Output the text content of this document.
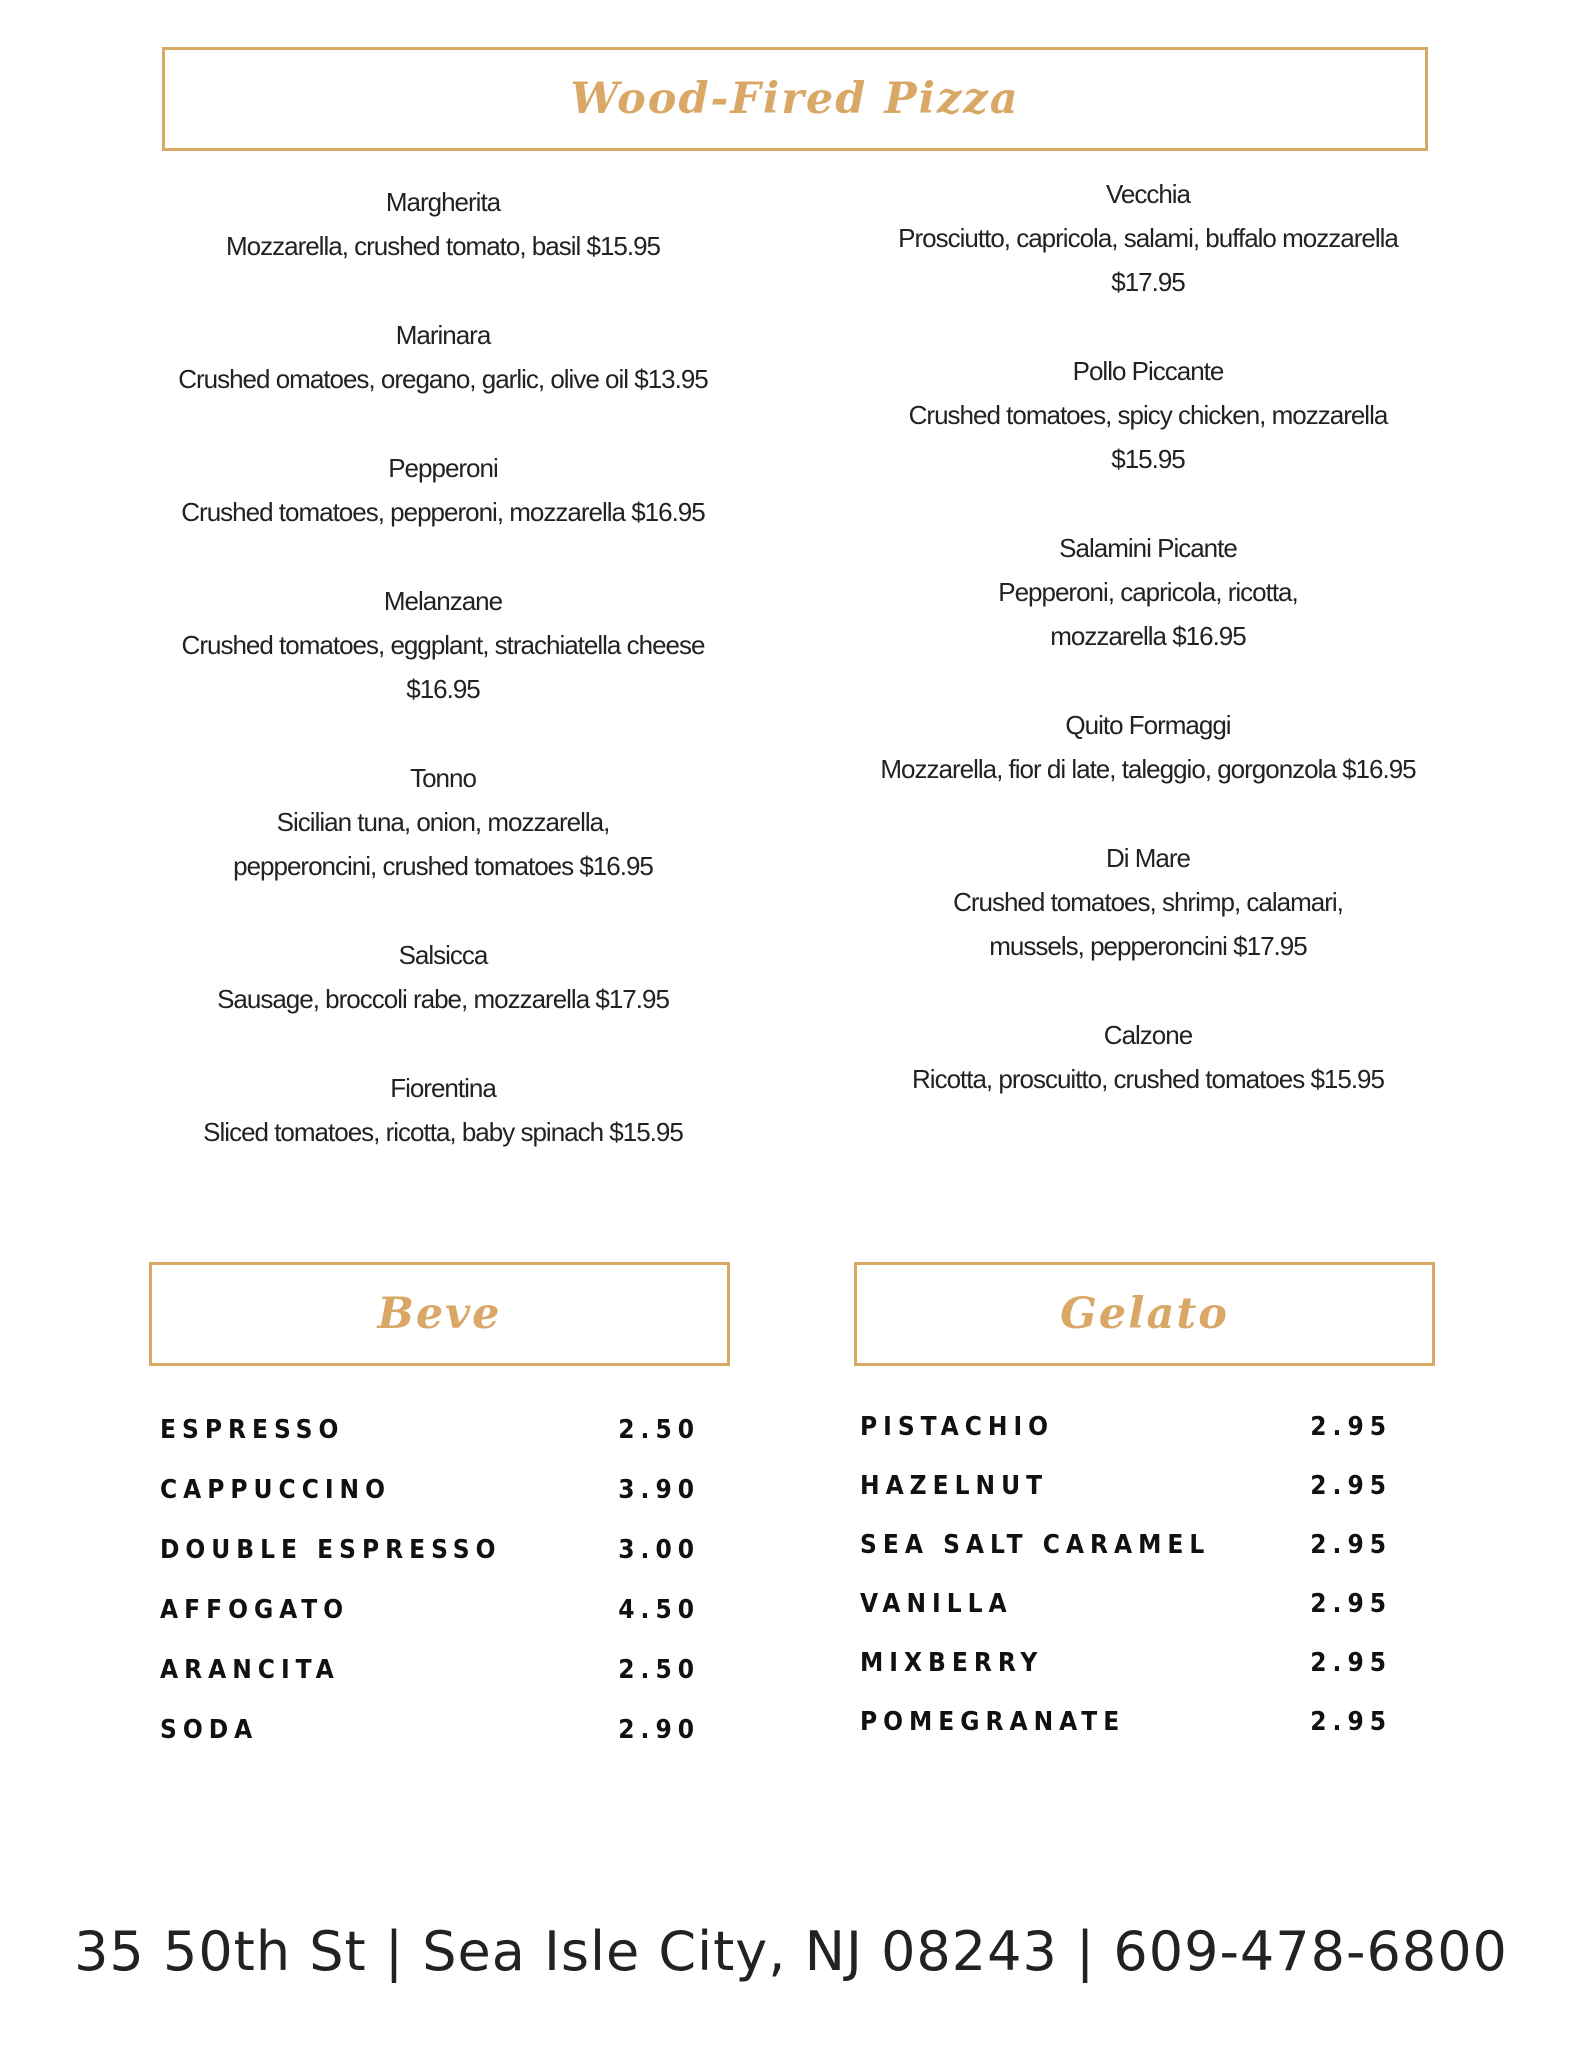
Wood-Fired Pizza
Margherita
Mozzarella, crushed tomato, basil $15.95
Marinara
Crushed omatoes, oregano, garlic, olive oil $13.95
Pepperoni
Crushed tomatoes, pepperoni, mozzarella $16.95
Melanzane
Crushed tomatoes, eggplant, strachiatella cheese $16.95
Tonno
Sicilian tuna, onion, mozzarella, pepperoncini, crushed tomatoes $16.95
Salsicca
Sausage, broccoli rabe, mozzarella $17.95
Fiorentina
Sliced tomatoes, ricotta, baby spinach $15.95
Vecchia
Prosciutto, capricola, salami, buffalo mozzarella $17.95
Pollo Piccante
Crushed tomatoes, spicy chicken, mozzarella $15.95
Salamini Picante
Pepperoni, capricola, ricotta, mozzarella $16.95
Quito Formaggi
Mozzarella, fior di late, taleggio, gorgonzola $16.95
Di Mare
Crushed tomatoes, shrimp, calamari, mussels, pepperoncini $17.95
Calzone
Ricotta, proscuitto, crushed tomatoes $15.95
Beve	Gelato
ESPRESSO	2.50
CAPPUCCINO	3.90
DOUBLE ESPRESSO	3.00
AFFOGATO	4.50
ARANCITA	2.50
SODA	2.90
PISTACHIO	2.95
HAZELNUT	2.95
SEA SALT CARAMEL	2.95
VANILLA	2.95
MIXBERRY	2.95
POMEGRANATE	2.95
35 50th St | Sea Isle City, NJ 08243 | 609-478-6800
